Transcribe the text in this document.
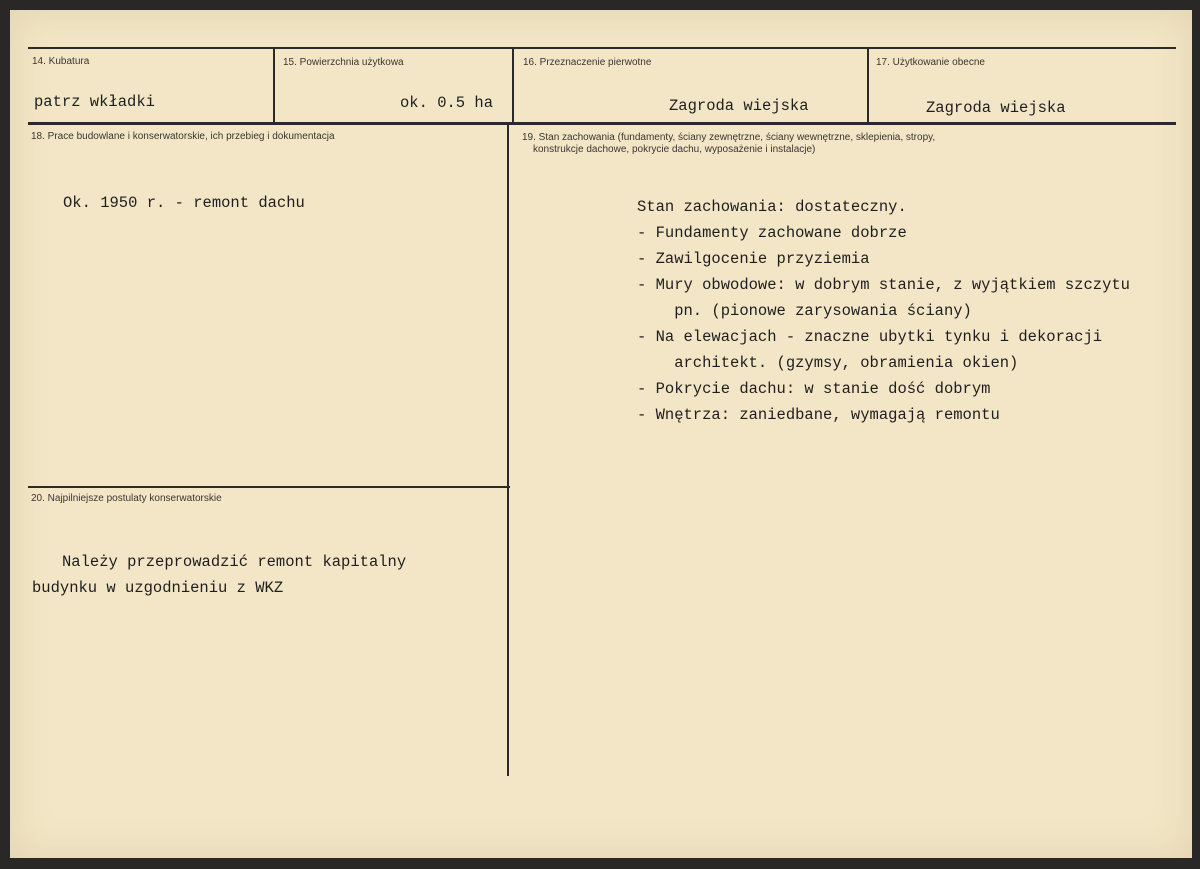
14. Kubatura
patrz wkładki
15. Powierzchnia użytkowa
ok. 0.5 ha
16. Przeznaczenie pierwotne
Zagroda wiejska
17. Użytkowanie obecne
Zagroda wiejska
18. Prace budowlane i konserwatorskie, ich przebieg i dokumentacja
Ok. 1950 r. - remont dachu
19. Stan zachowania (fundamenty, ściany zewnętrzne, ściany wewnętrzne, sklepienia, stropy,
konstrukcje dachowe, pokrycie dachu, wyposażenie i instalacje)
Stan zachowania: dostateczny.
- Fundamenty zachowane dobrze
- Zawilgocenie przyziemia
- Mury obwodowe: w dobrym stanie, z wyjątkiem szczytu
pn. (pionowe zarysowania ściany)
- Na elewacjach - znaczne ubytki tynku i dekoracji
architekt. (gzymsy, obramienia okien)
- Pokrycie dachu: w stanie dość dobrym
- Wnętrza: zaniedbane, wymagają remontu
20. Najpilniejsze postulaty konserwatorskie
Należy przeprowadzić remont kapitalny
budynku w uzgodnieniu z WKZ
